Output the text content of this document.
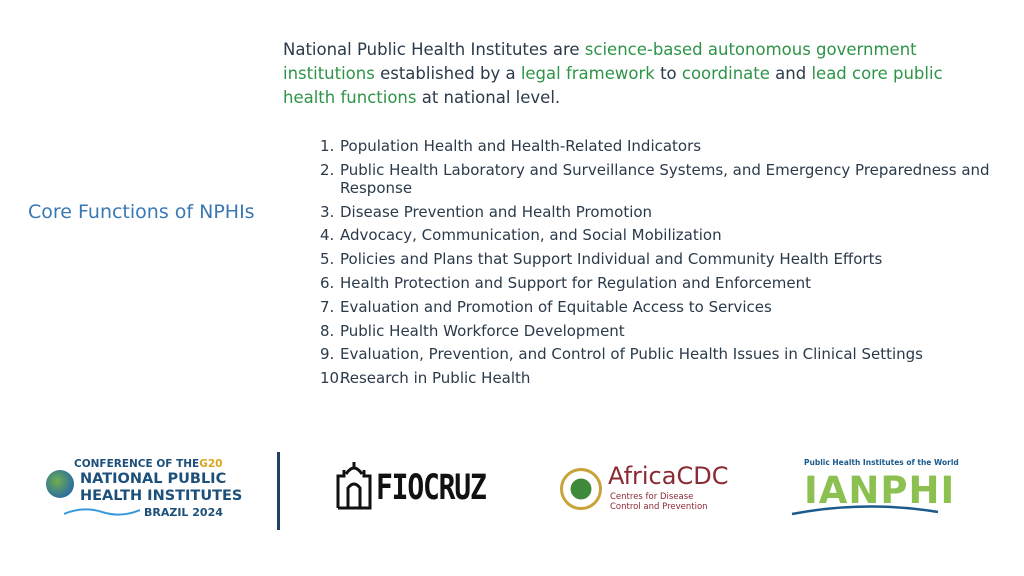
National Public Health Institutes are science-based autonomous government institutions established by a legal framework to coordinate and lead core public health functions at national level.
Core Functions of NPHIs
1. Population Health and Health-Related Indicators
2. Public Health Laboratory and Surveillance Systems, and Emergency Preparedness and Response
3. Disease Prevention and Health Promotion
4. Advocacy, Communication, and Social Mobilization
5. Policies and Plans that Support Individual and Community Health Efforts
6. Health Protection and Support for Regulation and Enforcement
7. Evaluation and Promotion of Equitable Access to Services
8. Public Health Workforce Development
9. Evaluation, Prevention, and Control of Public Health Issues in Clinical Settings
10.
Research in Public Health
CONFERENCE OF THEG20
NATIONAL PUBLIC
HEALTH INSTITUTES
BRAZIL 2024
FIOCRUZ	AfricaCDC
Centres for Disease Control and Prevention
Public Health Institutes of the World
IANPHI
